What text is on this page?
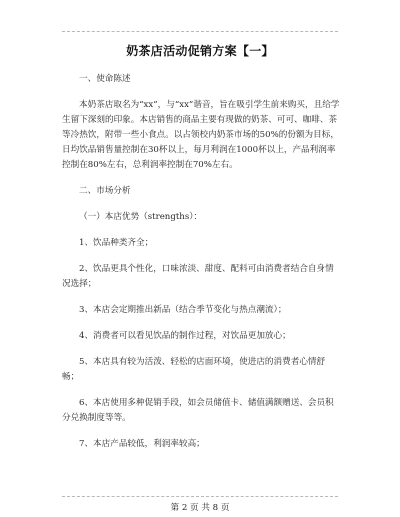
奶茶店活动促销方案【一】

一、使命陈述

本奶茶店取名为“xx”，与“xx”谐音，旨在吸引学生前来购买，且给学生留下深刻的印象。本店销售的商品主要有现做的奶茶、可可、咖啡、茶等冷热饮，附带一些小食点。以占领校内奶茶市场的50%的份额为目标，日均饮品销售量控制在30杯以上，每月利润在1000杯以上，产品利润率控制在80%左右，总利润率控制在70%左右。

二、市场分析

（一）本店优势（strengths）：

1、饮品种类齐全；

2、饮品更具个性化，口味浓淡、甜度、配料可由消费者结合自身情况选择；

3、本店会定期推出新品（结合季节变化与热点潮流）；

4、消费者可以看见饮品的制作过程，对饮品更加放心；

5、本店具有较为活泼、轻松的店面环境，使进店的消费者心情舒畅；

6、本店使用多种促销手段，如会员储值卡、储值满额赠送、会员积分兑换制度等等。

7、本店产品较低，利润率较高；

第 2 页 共 8 页
